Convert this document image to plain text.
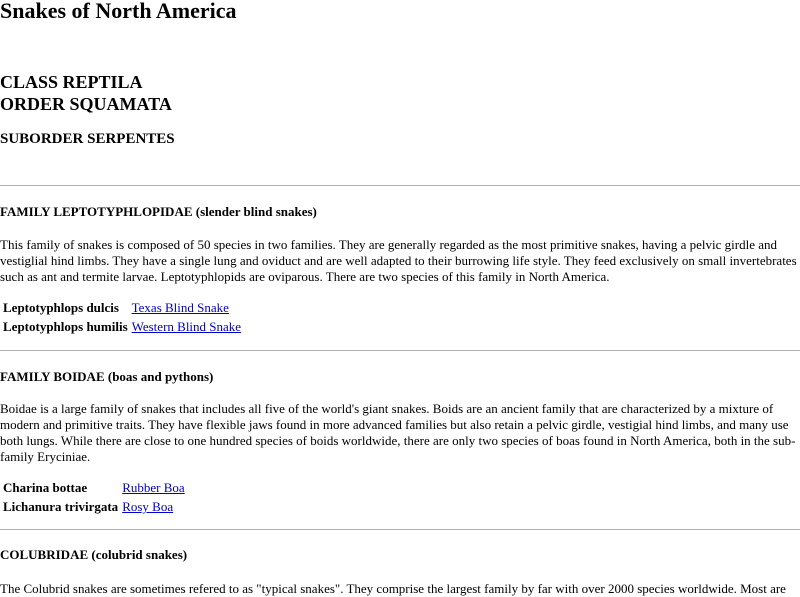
Snakes of North America
CLASS REPTILA
ORDER SQUAMATA
SUBORDER SERPENTES
FAMILY LEPTOTYPHLOPIDAE (slender blind snakes)
This family of snakes is composed of 50 species in two families. They are generally regarded as the most primitive snakes, having a pelvic girdle and vestiglial hind limbs. They have a single lung and oviduct and are well adapted to their burrowing life style. They feed exclusively on small invertebrates such as ant and termite larvae. Leptotyphlopids are oviparous. There are two species of this family in North America.
Leptotyphlops dulcis	Texas Blind Snake
Leptotyphlops humilis	Western Blind Snake
FAMILY BOIDAE (boas and pythons)
Boidae is a large family of snakes that includes all five of the world's giant snakes. Boids are an ancient family that are characterized by a mixture of modern and primitive traits. They have flexible jaws found in more advanced families but also retain a pelvic girdle, vestigial hind limbs, and many use both lungs. While there are close to one hundred species of boids worldwide, there are only two species of boas found in North America, both in the sub-family Eryciniae.
Charina bottae	Rubber Boa
Lichanura trivirgata	Rosy Boa
COLUBRIDAE (colubrid snakes)
The Colubrid snakes are sometimes refered to as "typical snakes". They comprise the largest family by far with over 2000 species worldwide. Most are
